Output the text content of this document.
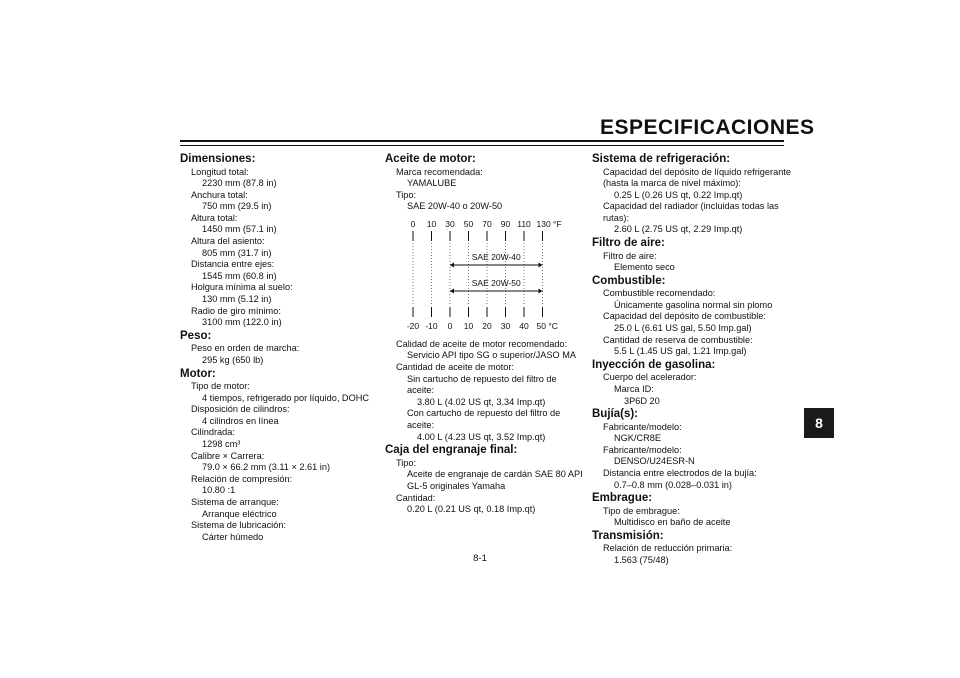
ESPECIFICACIONES
8
Dimensiones:
Longitud total:
2230 mm (87.8 in)
Anchura total:
750 mm (29.5 in)
Altura total:
1450 mm (57.1 in)
Altura del asiento:
805 mm (31.7 in)
Distancia entre ejes:
1545 mm (60.8 in)
Holgura mínima al suelo:
130 mm (5.12 in)
Radio de giro mínimo:
3100 mm (122.0 in)
Peso:
Peso en orden de marcha:
295 kg (650 lb)
Motor:
Tipo de motor:
4 tiempos, refrigerado por líquido, DOHC
Disposición de cilindros:
4 cilindros en línea
Cilindrada:
1298 cm³
Calibre × Carrera:
79.0 × 66.2 mm (3.11 × 2.61 in)
Relación de compresión:
10.80 :1
Sistema de arranque:
Arranque eléctrico
Sistema de lubricación:
Cárter húmedo
Aceite de motor:
Marca recomendada:
YAMALUBE
Tipo:
SAE 20W-40 o 20W-50
0
-20
10
-10
30
0
50
10
70
20
90
30
110
40
130 °F
50 °C
SAE 20W-40
SAE 20W-50
Calidad de aceite de motor recomendado:
Servicio API tipo SG o superior/JASO MA
Cantidad de aceite de motor:
Sin cartucho de repuesto del filtro de
aceite:
3.80 L (4.02 US qt, 3.34 Imp.qt)
Con cartucho de repuesto del filtro de
aceite:
4.00 L (4.23 US qt, 3.52 Imp.qt)
Caja del engranaje final:
Tipo:
Aceite de engranaje de cardán SAE 80 API
GL-5 originales Yamaha
Cantidad:
0.20 L (0.21 US qt, 0.18 Imp.qt)
Sistema de refrigeración:
Capacidad del depósito de líquido refrigerante
(hasta la marca de nivel máximo):
0.25 L (0.26 US qt, 0.22 Imp.qt)
Capacidad del radiador (incluidas todas las
rutas):
2.60 L (2.75 US qt, 2.29 Imp.qt)
Filtro de aire:
Filtro de aire:
Elemento seco
Combustible:
Combustible recomendado:
Únicamente gasolina normal sin plomo
Capacidad del depósito de combustible:
25.0 L (6.61 US gal, 5.50 Imp.gal)
Cantidad de reserva de combustible:
5.5 L (1.45 US gal, 1.21 Imp.gal)
Inyección de gasolina:
Cuerpo del acelerador:
Marca ID:
3P6D 20
Bujía(s):
Fabricante/modelo:
NGK/CR8E
Fabricante/modelo:
DENSO/U24ESR-N
Distancia entre electrodos de la bujía:
0.7–0.8 mm (0.028–0.031 in)
Embrague:
Tipo de embrague:
Multidisco en baño de aceite
Transmisión:
Relación de reducción primaria:
1.563 (75/48)
8-1
